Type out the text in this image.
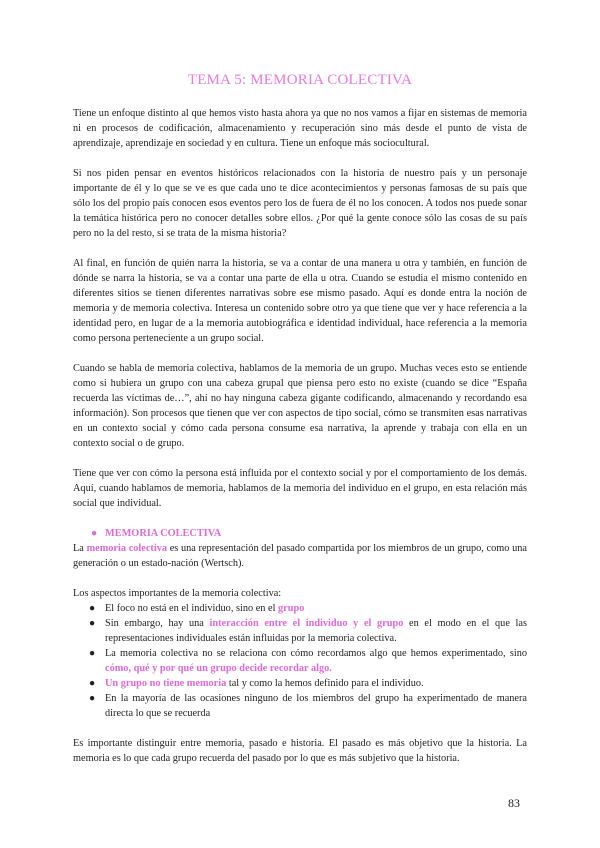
TEMA 5: MEMORIA COLECTIVA

Tiene un enfoque distinto al que hemos visto hasta ahora ya que no nos vamos a fijar en sistemas de memoria ni en procesos de codificación, almacenamiento y recuperación sino más desde el punto de vista de aprendizaje, aprendizaje en sociedad y en cultura. Tiene un enfoque más sociocultural.

Si nos piden pensar en eventos históricos relacionados con la historia de nuestro país y un personaje importante de él y lo que se ve es que cada uno te dice acontecimientos y personas famosas de su país que sólo los del propio país conocen esos eventos pero los de fuera de él no los conocen. A todos nos puede sonar la temática histórica pero no conocer detalles sobre ellos. ¿Por qué la gente conoce sólo las cosas de su país pero no la del resto, si se trata de la misma historia?

Al final, en función de quién narra la historia, se va a contar de una manera u otra y también, en función de dónde se narra la historia, se va a contar una parte de ella u otra. Cuando se estudia el mismo contenido en diferentes sitios se tienen diferentes narrativas sobre ese mismo pasado. Aquí es donde entra la noción de memoria y de memoria colectiva. Interesa un contenido sobre otro ya que tiene que ver y hace referencia a la identidad pero, en lugar de a la memoria autobiográfica e identidad individual, hace referencia a la memoria como persona perteneciente a un grupo social.

Cuando se habla de memoria colectiva, hablamos de la memoria de un grupo. Muchas veces esto se entiende como si hubiera un grupo con una cabeza grupal que piensa pero esto no existe (cuando se dice “España recuerda las víctimas de…”, ahí no hay ninguna cabeza gigante codificando, almacenando y recordando esa información). Son procesos que tienen que ver con aspectos de tipo social, cómo se transmiten esas narrativas en un contexto social y cómo cada persona consume esa narrativa, la aprende y trabaja con ella en un contexto social o de grupo.

Tiene que ver con cómo la persona está influida por el contexto social y por el comportamiento de los demás. Aquí, cuando hablamos de memoria, hablamos de la memoria del individuo en el grupo, en esta relación más social que individual.

● MEMORIA COLECTIVA

La memoria colectiva es una representación del pasado compartida por los miembros de un grupo, como una generación o un estado-nación (Wertsch).

Los aspectos importantes de la memoria colectiva:

● El foco no está en el individuo, sino en el grupo
● Sin embargo, hay una interacción entre el individuo y el grupo en el modo en el que las representaciones individuales están influidas por la memoria colectiva.
● La memoria colectiva no se relaciona con cómo recordamos algo que hemos experimentado, sino cómo, qué y por qué un grupo decide recordar algo.
● Un grupo no tiene memoria tal y como la hemos definido para el individuo.
● En la mayoría de las ocasiones ninguno de los miembros del grupo ha experimentado de manera directa lo que se recuerda

Es importante distinguir entre memoria, pasado e historia. El pasado es más objetivo que la historia. La memoria es lo que cada grupo recuerda del pasado por lo que es más subjetivo que la historia.

83
